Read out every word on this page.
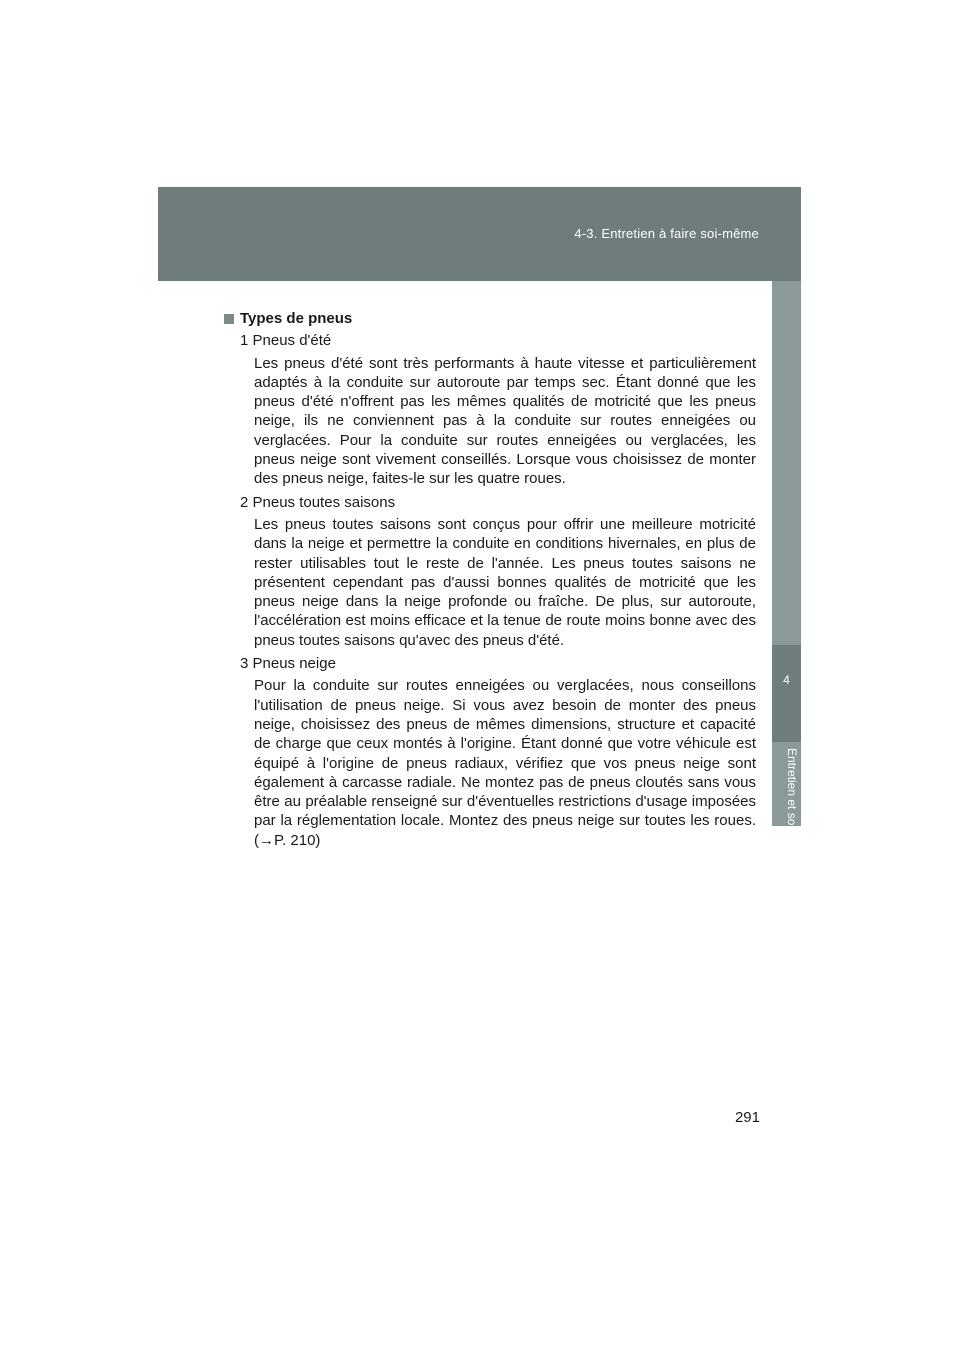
4-3. Entretien à faire soi-même
4
Entretien et soin
Types de pneus
1 Pneus d'été
Les pneus d'été sont très performants à haute vitesse et particulièrement adaptés à la conduite sur autoroute par temps sec. Étant donné que les pneus d'été n'offrent pas les mêmes qualités de motricité que les pneus neige, ils ne conviennent pas à la conduite sur routes enneigées ou verglacées. Pour la conduite sur routes enneigées ou verglacées, les pneus neige sont vivement conseillés. Lorsque vous choisissez de monter des pneus neige, faites-le sur les quatre roues.
2 Pneus toutes saisons
Les pneus toutes saisons sont conçus pour offrir une meilleure motricité dans la neige et permettre la conduite en conditions hivernales, en plus de rester utilisables tout le reste de l'année. Les pneus toutes saisons ne présentent cependant pas d'aussi bonnes qualités de motricité que les pneus neige dans la neige profonde ou fraîche. De plus, sur autoroute, l'accélération est moins efficace et la tenue de route moins bonne avec des pneus toutes saisons qu'avec des pneus d'été.
3 Pneus neige
Pour la conduite sur routes enneigées ou verglacées, nous conseillons l'utilisation de pneus neige. Si vous avez besoin de monter des pneus neige, choisissez des pneus de mêmes dimensions, structure et capacité de charge que ceux montés à l'origine. Étant donné que votre véhicule est équipé à l'origine de pneus radiaux, vérifiez que vos pneus neige sont également à carcasse radiale. Ne montez pas de pneus cloutés sans vous être au préalable renseigné sur d'éventuelles restrictions d'usage imposées par la réglementation locale. Montez des pneus neige sur toutes les roues. (→P. 210)
291
